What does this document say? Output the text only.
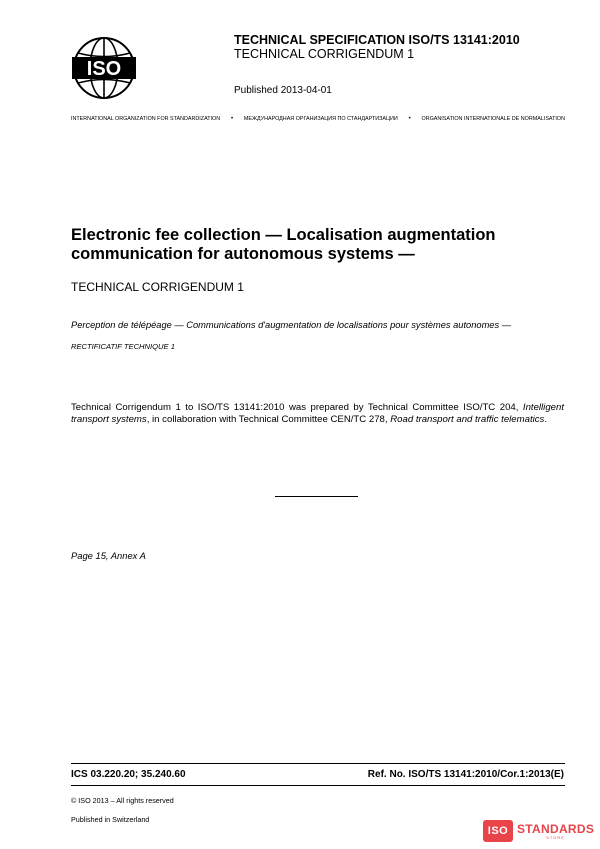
ISO
TECHNICAL SPECIFICATION ISO/TS 13141:2010
TECHNICAL CORRIGENDUM 1
Published 2013-04-01
INTERNATIONAL ORGANIZATION FOR STANDARDIZATION	•	МЕЖДУНАРОДНАЯ ОРГАНИЗАЦИЯ ПО СТАНДАРТИЗАЦИИ	•	ORGANISATION INTERNATIONALE DE NORMALISATION
Electronic fee collection — Localisation augmentation communication for autonomous systems —
TECHNICAL CORRIGENDUM 1
Perception de télépéage — Communications d'augmentation de localisations pour systèmes autonomes —
RECTIFICATIF TECHNIQUE 1
Technical Corrigendum 1 to ISO/TS 13141:2010 was prepared by Technical Committee ISO/TC 204, Intelligent transport systems, in collaboration with Technical Committee CEN/TC 278, Road transport and traffic telematics.
Page 15, Annex A
ICS 03.220.20; 35.240.60	Ref. No. ISO/TS 13141:2010/Cor.1:2013(E)
© ISO 2013 – All rights reserved
Published in Switzerland
ISO STANDARDS
STORE
